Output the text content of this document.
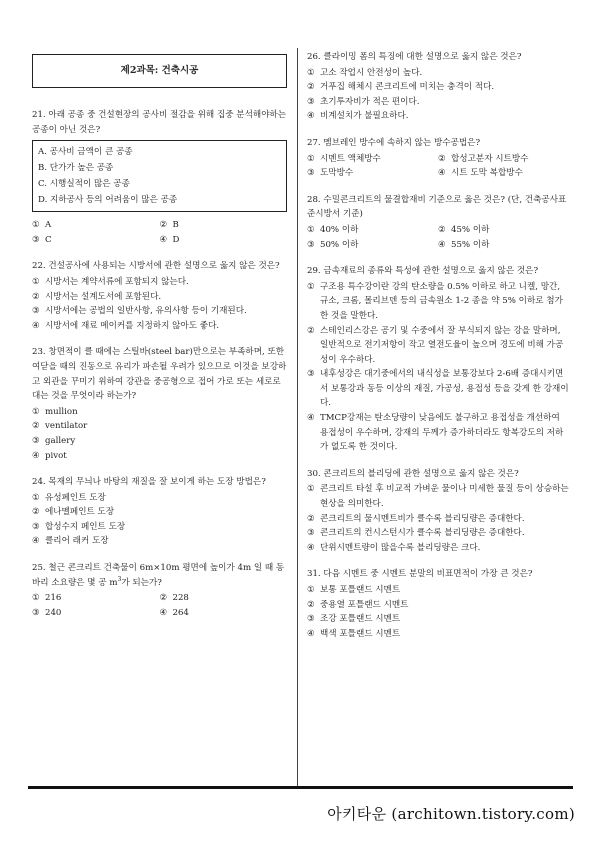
제2과목: 건축시공
21. 아래 공종 중 건설현장의 공사비 절감을 위해 집중 분석해야하는 공종이 아닌 것은?
A. 공사비 금액이 큰 공종
B. 단가가 높은 공종
C. 시행실적이 많은 공종
D. 지하공사 등의 어려움이 많은 공종
① A	② B
③ C	④ D
22. 건설공사에 사용되는 시방서에 관한 설명으로 옳지 않은 것은?
① 시방서는 계약서류에 포함되지 않는다.
② 시방서는 설계도서에 포함된다.
③ 시방서에는 공법의 일반사항, 유의사항 등이 기재된다.
④ 시방서에 재료 메이커를 지정하지 않아도 좋다.
23. 창면적이 클 때에는 스틸바(steel bar)만으로는 부족하며, 또한 여닫을 때의 진동으로 유리가 파손될 우려가 있으므로 이것을 보강하고 외관을 꾸미기 위하여 강관을 중공형으로 접어 가로 또는 세로로 대는 것을 무엇이라 하는가?
① mullion
② ventilator
③ gallery
④ pivot
24. 목재의 무늬나 바탕의 재질을 잘 보이게 하는 도장 방법은?
① 유성페인트 도장
② 에나멜페인트 도장
③ 합성수지 페인트 도장
④ 클리어 래커 도장
25. 철근 콘크리트 건축물이 6m×10m 평면에 높이가 4m 일 때 동바리 소요량은 몇 공 $m^3$가 되는가?
① 216	② 228
③ 240	④ 264
26. 클라이밍 폼의 특징에 대한 설명으로 옳지 않은 것은?
① 고소 작업시 안전성이 높다.
② 거푸집 해체시 콘크리트에 미치는 충격이 적다.
③ 초기투자비가 적은 편이다.
④ 비계설치가 불필요하다.
27. 멤브레인 방수에 속하지 않는 방수공법은?
① 시멘트 액체방수	② 합성고분자 시트방수
③ 도막방수	④ 시트 도막 복합방수
28. 수밀콘크리트의 물결합재비 기준으로 옳은 것은? (단, 건축공사표준시방서 기준)
① 40% 이하	② 45% 이하
③ 50% 이하	④ 55% 이하
29. 금속재료의 종류와 특성에 관한 설명으로 옳지 않은 것은?
① 구조용 특수강이란 강의 탄소량을 0.5% 이하로 하고 니켈, 망간, 규소, 크롬, 몰리브덴 등의 금속원소 1-2 종을 약 5% 이하로 첨가한 것을 말한다.
② 스테인리스강은 공기 및 수중에서 잘 부식되지 않는 강을 말하며, 일반적으로 전기저항이 작고 열전도율이 높으며 경도에 비해 가공성이 우수하다.
③ 내후성강은 대기중에서의 내식성을 보통강보다 2-6배 증대시키면서 보통강과 동등 이상의 재질, 가공성, 용접성 등을 갖게 한 강재이다.
④ TMCP강재는 탄소당량이 낮음에도 불구하고 용접성을 개선하여 용접성이 우수하며, 강재의 두께가 증가하더라도 항복강도의 저하가 없도록 한 것이다.
30. 콘크리트의 블리딩에 관한 설명으로 옳지 않은 것은?
① 콘크리트 타설 후 비교적 가벼운 물이나 미세한 물질 등이 상승하는 현상을 의미한다.
② 콘크리트의 물시멘트비가 클수록 블리딩량은 증대한다.
③ 콘크리트의 컨시스턴시가 클수록 블리딩량은 증대한다.
④ 단위시멘트량이 많을수록 블리딩량은 크다.
31. 다음 시멘트 중 시멘트 분말의 비표면적이 가장 큰 것은?
① 보통 포틀랜드 시멘트
② 중용열 포틀랜드 시멘트
③ 조강 포틀랜드 시멘트
④ 백색 포틀랜드 시멘트
아키타운 (architown.tistory.com)
